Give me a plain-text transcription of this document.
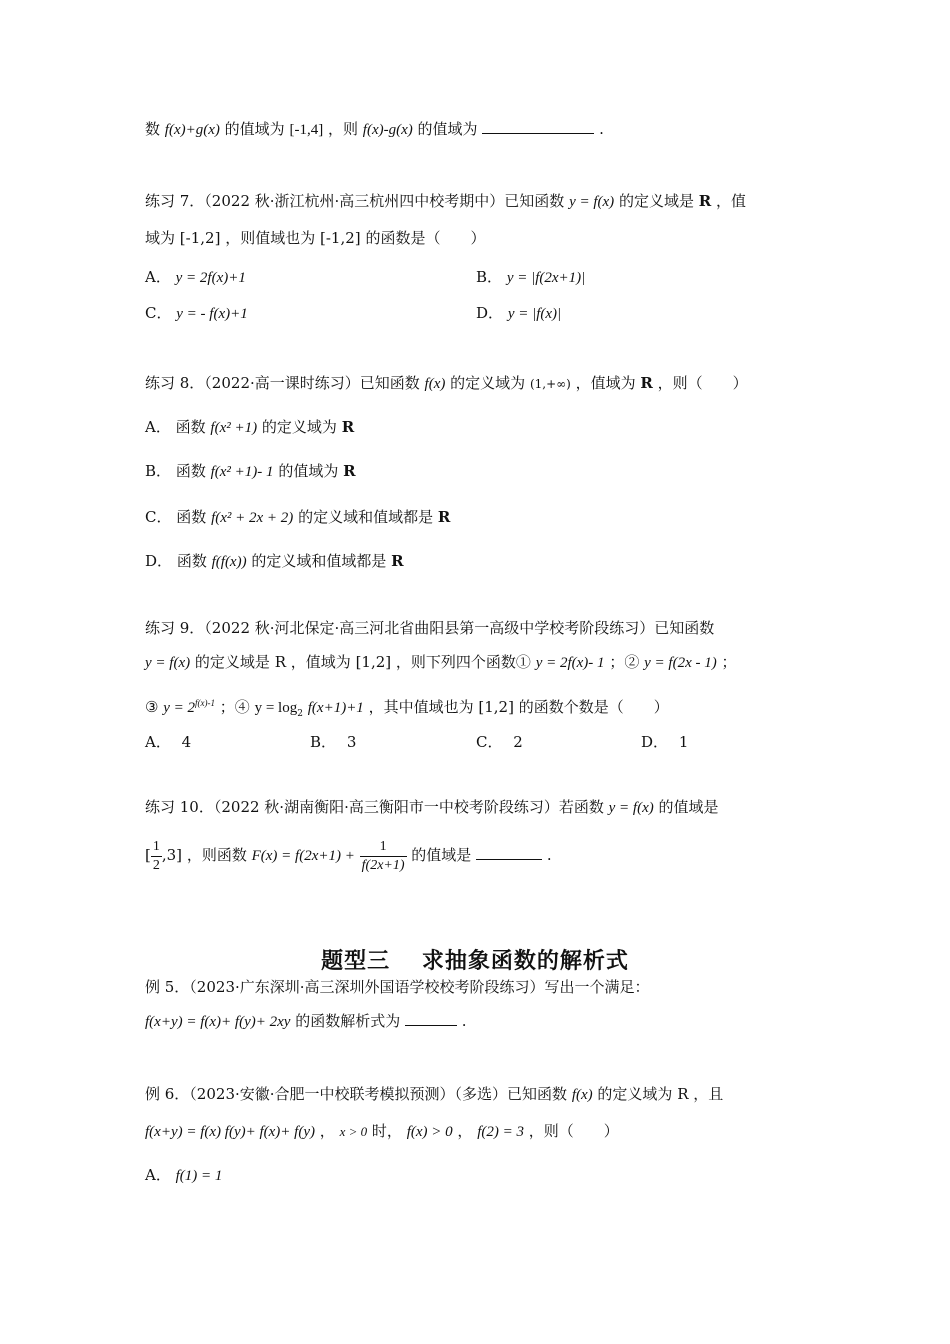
数 f(x)+g(x) 的值域为 [-1,4] ，则 f(x)-g(x) 的值域为	.
练习 7．（2022 秋·浙江杭州·高三杭州四中校考期中）已知函数 y = f(x) 的定义域是 R ，值
域为 [-1,2] ，则值域也为 [-1,2] 的函数是（　　）
A． y = 2f(x)+1	B． y = |f(2x+1)|
C． y = - f(x)+1	D． y = |f(x)|
练习 8．（2022·高一课时练习）已知函数 f(x) 的定义域为 (1,+∞) ，值域为 R ，则（　　）
A． 函数 f(x² +1) 的定义域为 R
B． 函数 f(x² +1)- 1 的值域为 R
C． 函数 f(x² + 2x + 2) 的定义域和值域都是 R
D． 函数 f(f(x)) 的定义域和值域都是 R
练习 9．（2022 秋·河北保定·高三河北省曲阳县第一高级中学校考阶段练习）已知函数
y = f(x) 的定义域是 R ，值域为 [1,2] ，则下列四个函数① y = 2f(x)- 1 ；② y = f(2x - 1) ；
③ $y = 2^{f(x)-1}$ ；④ $y = \log_2 f(x+1)+1$ ，其中值域也为 [1,2] 的函数个数是（　　）
A． 4	B． 3	C． 2	D． 1
练习 10．（2022 秋·湖南衡阳·高三衡阳市一中校考阶段练习）若函数 y = f(x) 的值域是
[ $\frac{1}{2} ,3$] ，则函数 $F(x) = f(2x+1) + \frac{1}{f(2x+1)}$ 的值域是	.
题型三　 求抽象函数的解析式
例 5．（2023·广东深圳·高三深圳外国语学校校考阶段练习）写出一个满足：
f(x+y) = f(x)+ f(y)+ 2xy 的函数解析式为	.
例 6．（2023·安徽·合肥一中校联考模拟预测）（多选）已知函数 f(x) 的定义域为 R ，且
f(x+y) = f(x) f(y)+ f(x)+ f(y) ， x > 0 时， f(x) > 0 ， f(2) = 3 ，则（　　）
A． f(1) = 1
